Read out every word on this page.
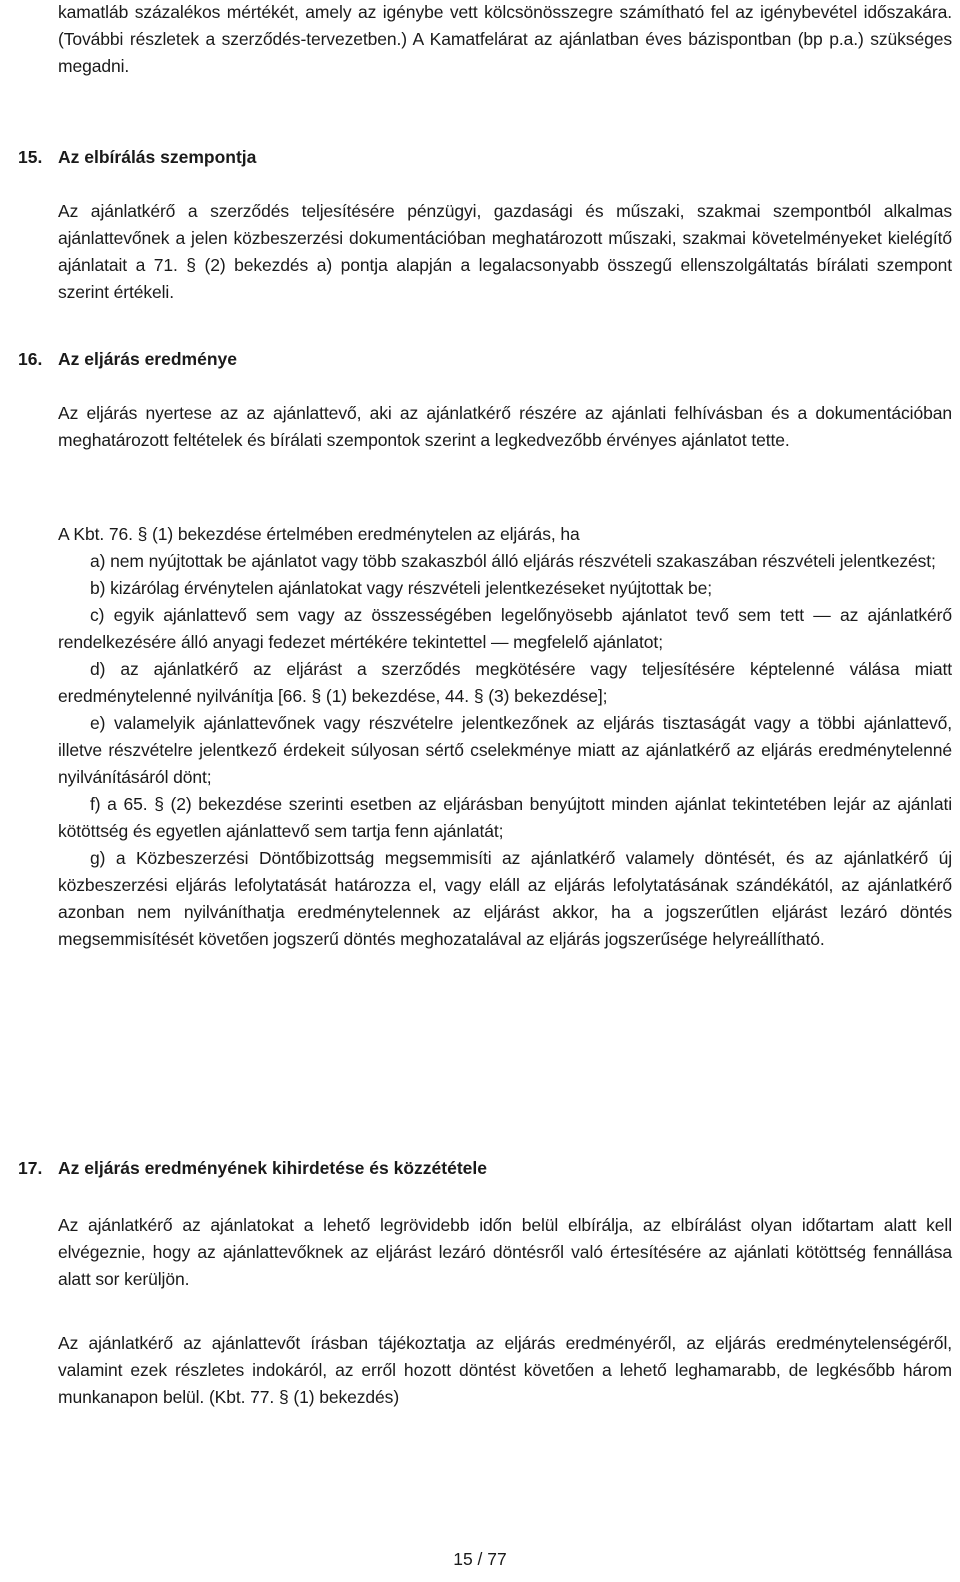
kamatláb százalékos mértékét, amely az igénybe vett kölcsönösszegre számítható fel az igénybevétel időszakára. (További részletek a szerződés-tervezetben.) A Kamatfelárat az ajánlatban éves bázispontban (bp p.a.) szükséges megadni.

15. Az elbírálás szempontja

Az ajánlatkérő a szerződés teljesítésére pénzügyi, gazdasági és műszaki, szakmai szempontból alkalmas ajánlattevőnek a jelen közbeszerzési dokumentációban meghatározott műszaki, szakmai követelményeket kielégítő ajánlatait a 71. § (2) bekezdés a) pontja alapján a legalacsonyabb összegű ellenszolgáltatás bírálati szempont szerint értékeli.

16. Az eljárás eredménye

Az eljárás nyertese az az ajánlattevő, aki az ajánlatkérő részére az ajánlati felhívásban és a dokumentációban meghatározott feltételek és bírálati szempontok szerint a legkedvezőbb érvényes ajánlatot tette.

A Kbt. 76. § (1) bekezdése értelmében eredménytelen az eljárás, ha

a) nem nyújtottak be ajánlatot vagy több szakaszból álló eljárás részvételi szakaszában részvételi jelentkezést;

b) kizárólag érvénytelen ajánlatokat vagy részvételi jelentkezéseket nyújtottak be;

c) egyik ajánlattevő sem vagy az összességében legelőnyösebb ajánlatot tevő sem tett — az ajánlatkérő rendelkezésére álló anyagi fedezet mértékére tekintettel — megfelelő ajánlatot;

d) az ajánlatkérő az eljárást a szerződés megkötésére vagy teljesítésére képtelenné válása miatt eredménytelenné nyilvánítja [66. § (1) bekezdése, 44. § (3) bekezdése];

e) valamelyik ajánlattevőnek vagy részvételre jelentkezőnek az eljárás tisztaságát vagy a többi ajánlattevő, illetve részvételre jelentkező érdekeit súlyosan sértő cselekménye miatt az ajánlatkérő az eljárás eredménytelenné nyilvánításáról dönt;

f) a 65. § (2) bekezdése szerinti esetben az eljárásban benyújtott minden ajánlat tekintetében lejár az ajánlati kötöttség és egyetlen ajánlattevő sem tartja fenn ajánlatát;

g) a Közbeszerzési Döntőbizottság megsemmisíti az ajánlatkérő valamely döntését, és az ajánlatkérő új közbeszerzési eljárás lefolytatását határozza el, vagy eláll az eljárás lefolytatásának szándékától, az ajánlatkérő azonban nem nyilváníthatja eredménytelennek az eljárást akkor, ha a jogszerűtlen eljárást lezáró döntés megsemmisítését követően jogszerű döntés meghozatalával az eljárás jogszerűsége helyreállítható.

17. Az eljárás eredményének kihirdetése és közzététele

Az ajánlatkérő az ajánlatokat a lehető legrövidebb időn belül elbírálja, az elbírálást olyan időtartam alatt kell elvégeznie, hogy az ajánlattevőknek az eljárást lezáró döntésről való értesítésére az ajánlati kötöttség fennállása alatt sor kerüljön.

Az ajánlatkérő az ajánlattevőt írásban tájékoztatja az eljárás eredményéről, az eljárás eredménytelenségéről, valamint ezek részletes indokáról, az erről hozott döntést követően a lehető leghamarabb, de legkésőbb három munkanapon belül. (Kbt. 77. § (1) bekezdés)

15 / 77
